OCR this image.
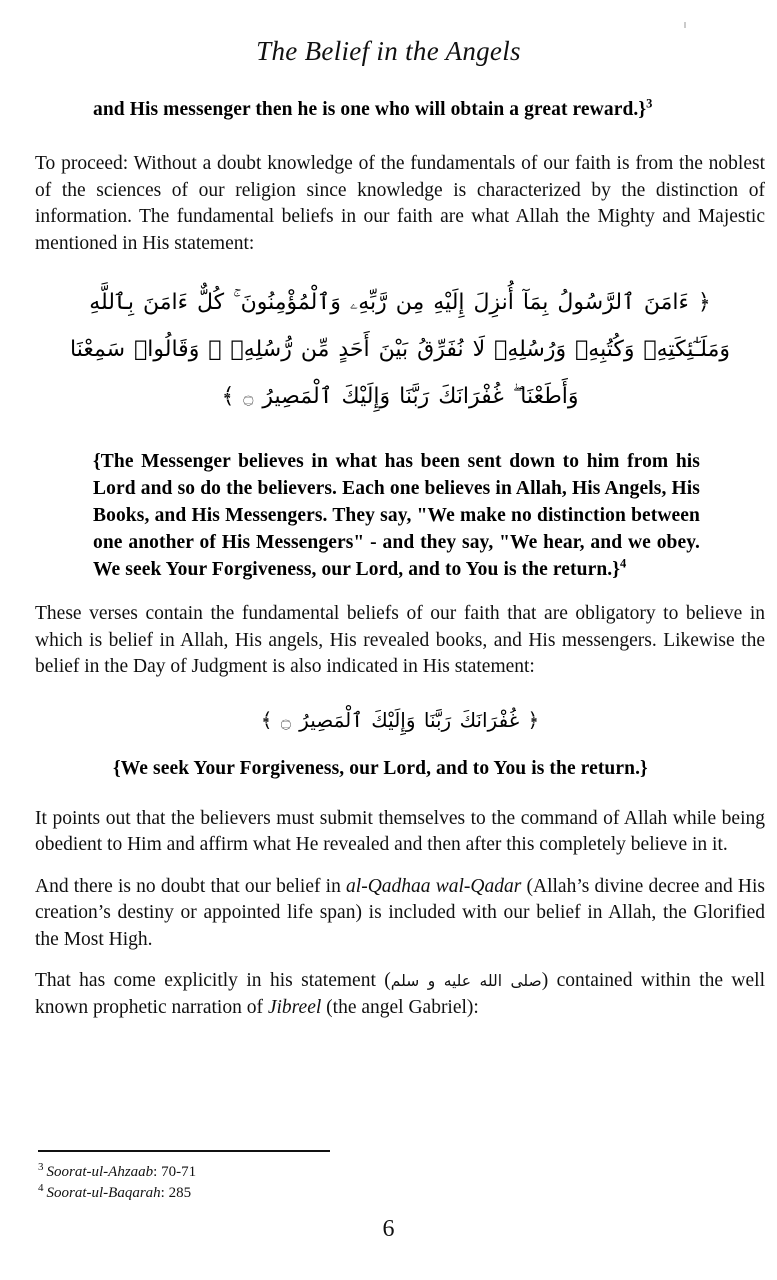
The Belief in the Angels
and His messenger then he is one who will obtain a great reward.}$^3$

To proceed: Without a doubt knowledge of the fundamentals of our faith is from the noblest of the sciences of our religion since knowledge is characterized by the distinction of information. The fundamental beliefs in our faith are what Allah the Mighty and Majestic mentioned in His statement:

﴿ ءَامَنَ ٱلرَّسُولُ بِمَآ أُنزِلَ إِلَيْهِ مِن رَّبِّهِۦ وَٱلْمُؤْمِنُونَ ۚ كُلٌّ ءَامَنَ بِٱللَّهِ
وَمَلَـٰٓئِكَتِهِۦ وَكُتُبِهِۦ وَرُسُلِهِۦ لَا نُفَرِّقُ بَيْنَ أَحَدٍ مِّن رُّسُلِهِۦ ۚ وَقَالُوا۟ سَمِعْنَا
وَأَطَعْنَا ۖ غُفْرَانَكَ رَبَّنَا وَإِلَيْكَ ٱلْمَصِيرُ ۝ ﴾
{The Messenger believes in what has been sent down to him from his Lord and so do the believers. Each one believes in Allah, His Angels, His Books, and His Messengers. They say, "We make no distinction between one another of His Messengers" - and they say, "We hear, and we obey. We seek Your Forgiveness, our Lord, and to You is the return.}$^4$

These verses contain the fundamental beliefs of our faith that are obligatory to believe in which is belief in Allah, His angels, His revealed books, and His messengers. Likewise the belief in the Day of Judgment is also indicated in His statement:

﴿ غُفْرَانَكَ رَبَّنَا وَإِلَيْكَ ٱلْمَصِيرُ ۝ ﴾
{We seek Your Forgiveness, our Lord, and to You is the return.}

It points out that the believers must submit themselves to the command of Allah while being obedient to Him and affirm what He revealed and then after this completely believe in it.

And there is no doubt that our belief in al-Qadhaa wal-Qadar (Allah’s divine decree and His creation’s destiny or appointed life span) is included with our belief in Allah, the Glorified the Most High.

That has come explicitly in his statement (صلى الله عليه و سلم) contained within the well known prophetic narration of Jibreel (the angel Gabriel):

$^3$ Soorat-ul-Ahzaab: 70-71
$^4$ Soorat-ul-Baqarah: 285
6
